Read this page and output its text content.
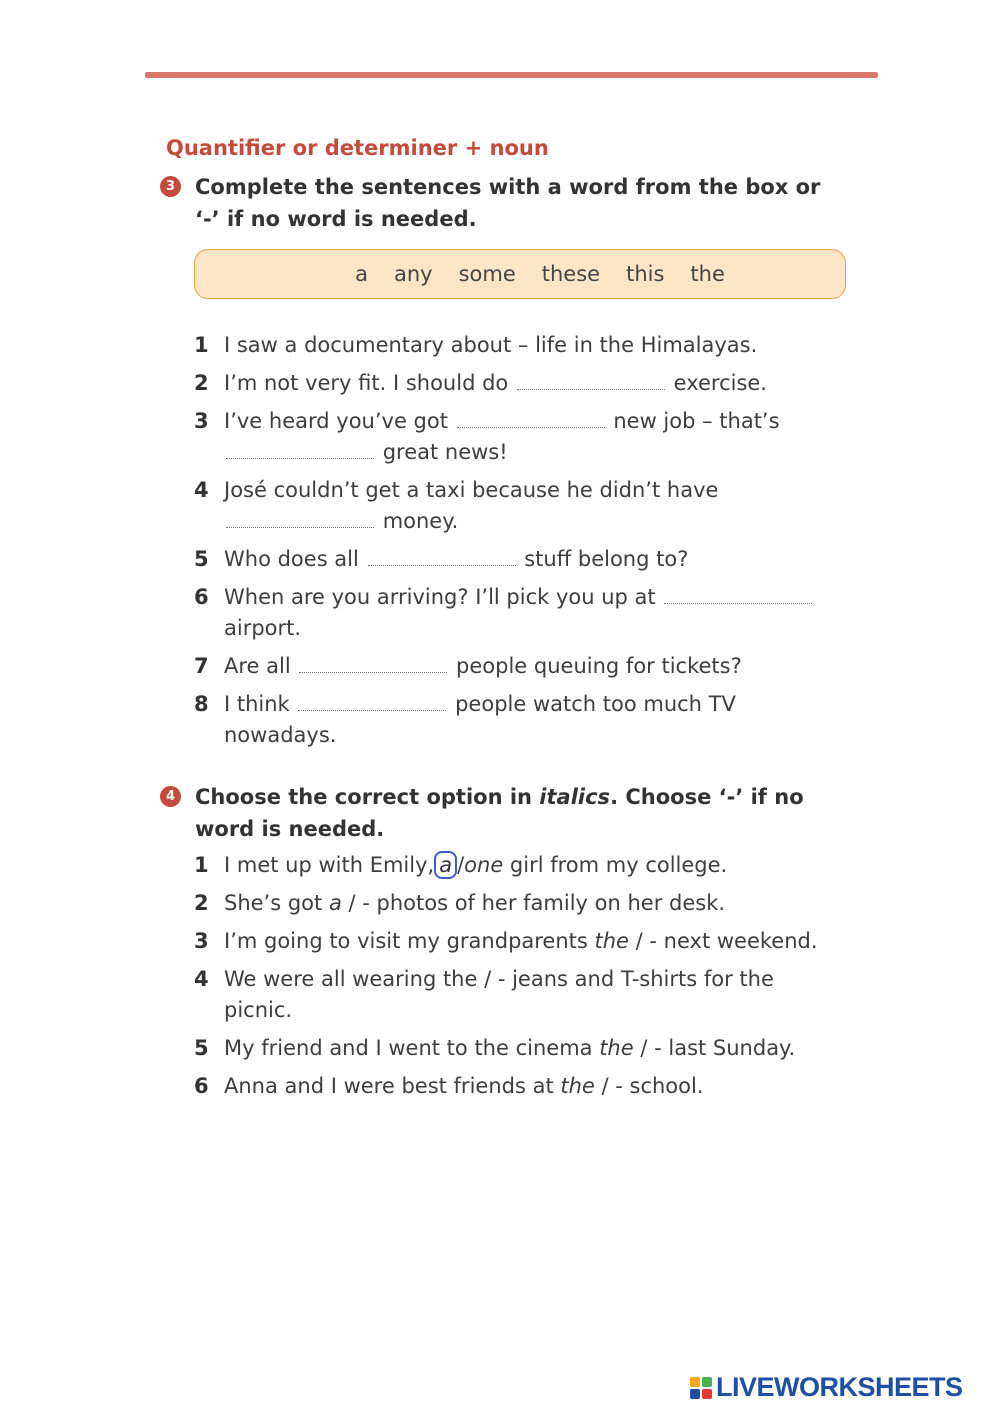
Quantifier or determiner + noun
3 Complete the sentences with a word from the box or ‘-’ if no word is needed.
a any some these this the
1 I saw a documentary about – life in the Himalayas.
2 I’m not very fit. I should do	exercise.
3 I’ve heard you’ve got	new job – that’s
great news!
4 José couldn’t get a taxi because he didn’t have
money.
5 Who does all	stuff belong to?
6 When are you arriving? I’ll pick you up at
airport.
7 Are all	people queuing for tickets?
8 I think	people watch too much TV nowadays.
4 Choose the correct option in italics. Choose ‘-’ if no word is needed.
1 I met up with Emily, a /one girl from my college.
2 She’s got a / - photos of her family on her desk.
3 I’m going to visit my grandparents the / - next weekend.
4 We were all wearing the / - jeans and T-shirts for the picnic.
5 My friend and I went to the cinema the / - last Sunday.
6 Anna and I were best friends at the / - school.
LIVEWORKSHEETS
